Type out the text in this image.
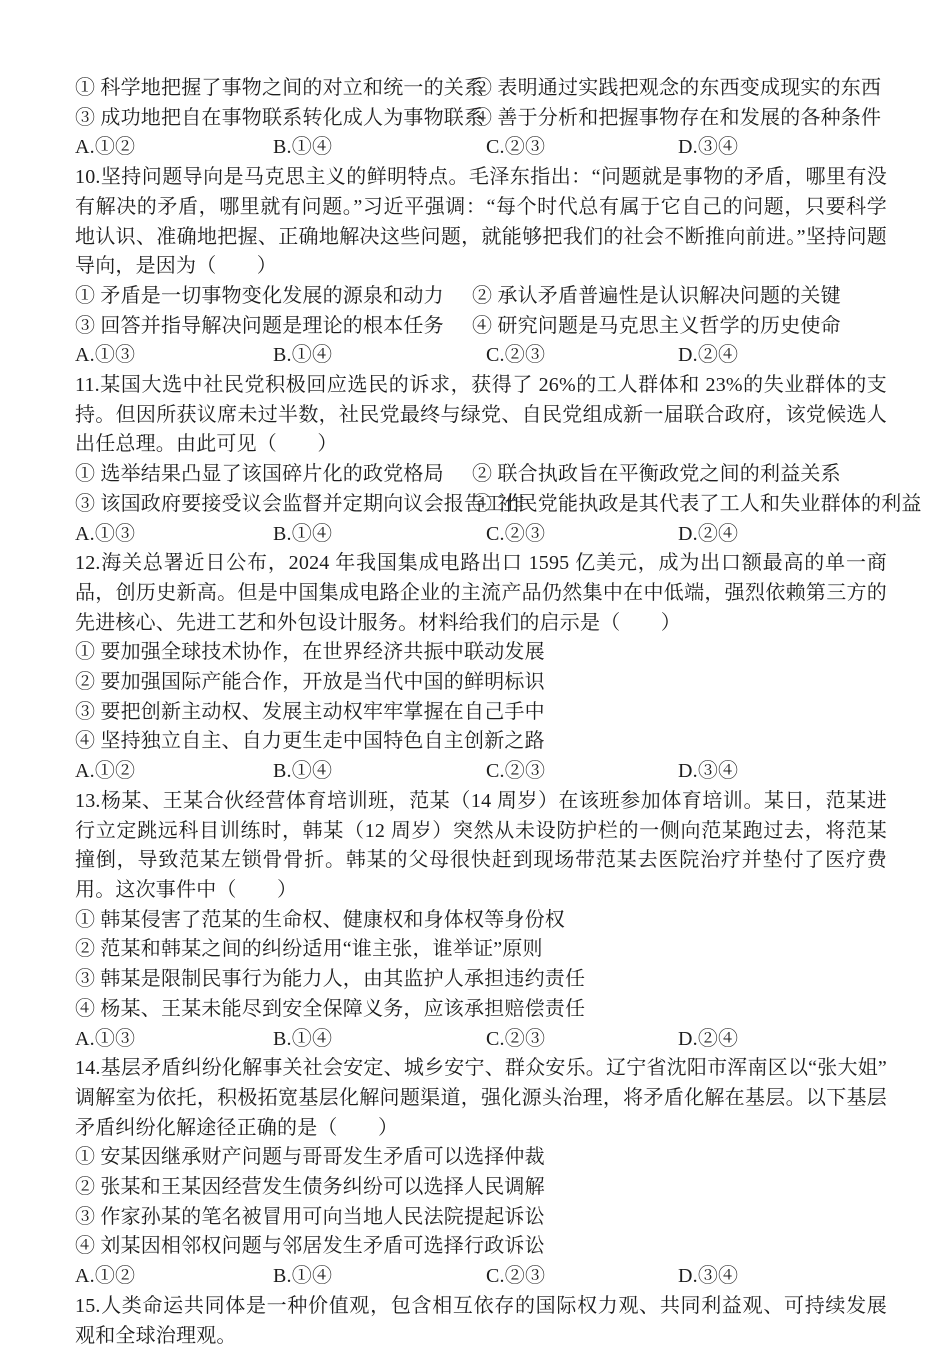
① 科学地把握了事物之间的对立和统一的关系
② 表明通过实践把观念的东西变成现实的东西
③ 成功地把自在事物联系转化成人为事物联系
④ 善于分析和把握事物存在和发展的各种条件
A.①②	B.①④	C.②③	D.③④
10.坚持问题导向是马克思主义的鲜明特点。毛泽东指出：“问题就是事物的矛盾，哪里有没有解决的矛盾，哪里就有问题。”习近平强调：“每个时代总有属于它自己的问题，只要科学地认识、准确地把握、正确地解决这些问题，就能够把我们的社会不断推向前进。”坚持问题导向，是因为（　　）
① 矛盾是一切事物变化发展的源泉和动力	② 承认矛盾普遍性是认识解决问题的关键
③ 回答并指导解决问题是理论的根本任务	④ 研究问题是马克思主义哲学的历史使命
A.①③	B.①④	C.②③	D.②④
11.某国大选中社民党积极回应选民的诉求，获得了 26%的工人群体和 23%的失业群体的支持。但因所获议席未过半数，社民党最终与绿党、自民党组成新一届联合政府，该党候选人出任总理。由此可见（　　）
① 选举结果凸显了该国碎片化的政党格局	② 联合执政旨在平衡政党之间的利益关系
③ 该国政府要接受议会监督并定期向议会报告工作
④ 社民党能执政是其代表了工人和失业群体的利益
A.①③	B.①④	C.②③	D.②④
12.海关总署近日公布，2024 年我国集成电路出口 1595 亿美元，成为出口额最高的单一商品，创历史新高。但是中国集成电路企业的主流产品仍然集中在中低端，强烈依赖第三方的先进核心、先进工艺和外包设计服务。材料给我们的启示是（　　）
① 要加强全球技术协作，在世界经济共振中联动发展
② 要加强国际产能合作，开放是当代中国的鲜明标识
③ 要把创新主动权、发展主动权牢牢掌握在自己手中
④ 坚持独立自主、自力更生走中国特色自主创新之路
A.①②	B.①④	C.②③	D.③④
13.杨某、王某合伙经营体育培训班，范某（14 周岁）在该班参加体育培训。某日，范某进行立定跳远科目训练时，韩某（12 周岁）突然从未设防护栏的一侧向范某跑过去，将范某撞倒，导致范某左锁骨骨折。韩某的父母很快赶到现场带范某去医院治疗并垫付了医疗费用。这次事件中（　　）
① 韩某侵害了范某的生命权、健康权和身体权等身份权
② 范某和韩某之间的纠纷适用“谁主张，谁举证”原则
③ 韩某是限制民事行为能力人，由其监护人承担违约责任
④ 杨某、王某未能尽到安全保障义务，应该承担赔偿责任
A.①③	B.①④	C.②③	D.②④
14.基层矛盾纠纷化解事关社会安定、城乡安宁、群众安乐。辽宁省沈阳市浑南区以“张大姐”调解室为依托，积极拓宽基层化解问题渠道，强化源头治理，将矛盾化解在基层。以下基层矛盾纠纷化解途径正确的是（　　）
① 安某因继承财产问题与哥哥发生矛盾可以选择仲裁
② 张某和王某因经营发生债务纠纷可以选择人民调解
③ 作家孙某的笔名被冒用可向当地人民法院提起诉讼
④ 刘某因相邻权问题与邻居发生矛盾可选择行政诉讼
A.①②	B.①④	C.②③	D.③④
15.人类命运共同体是一种价值观，包含相互依存的国际权力观、共同利益观、可持续发展观和全球治理观。
